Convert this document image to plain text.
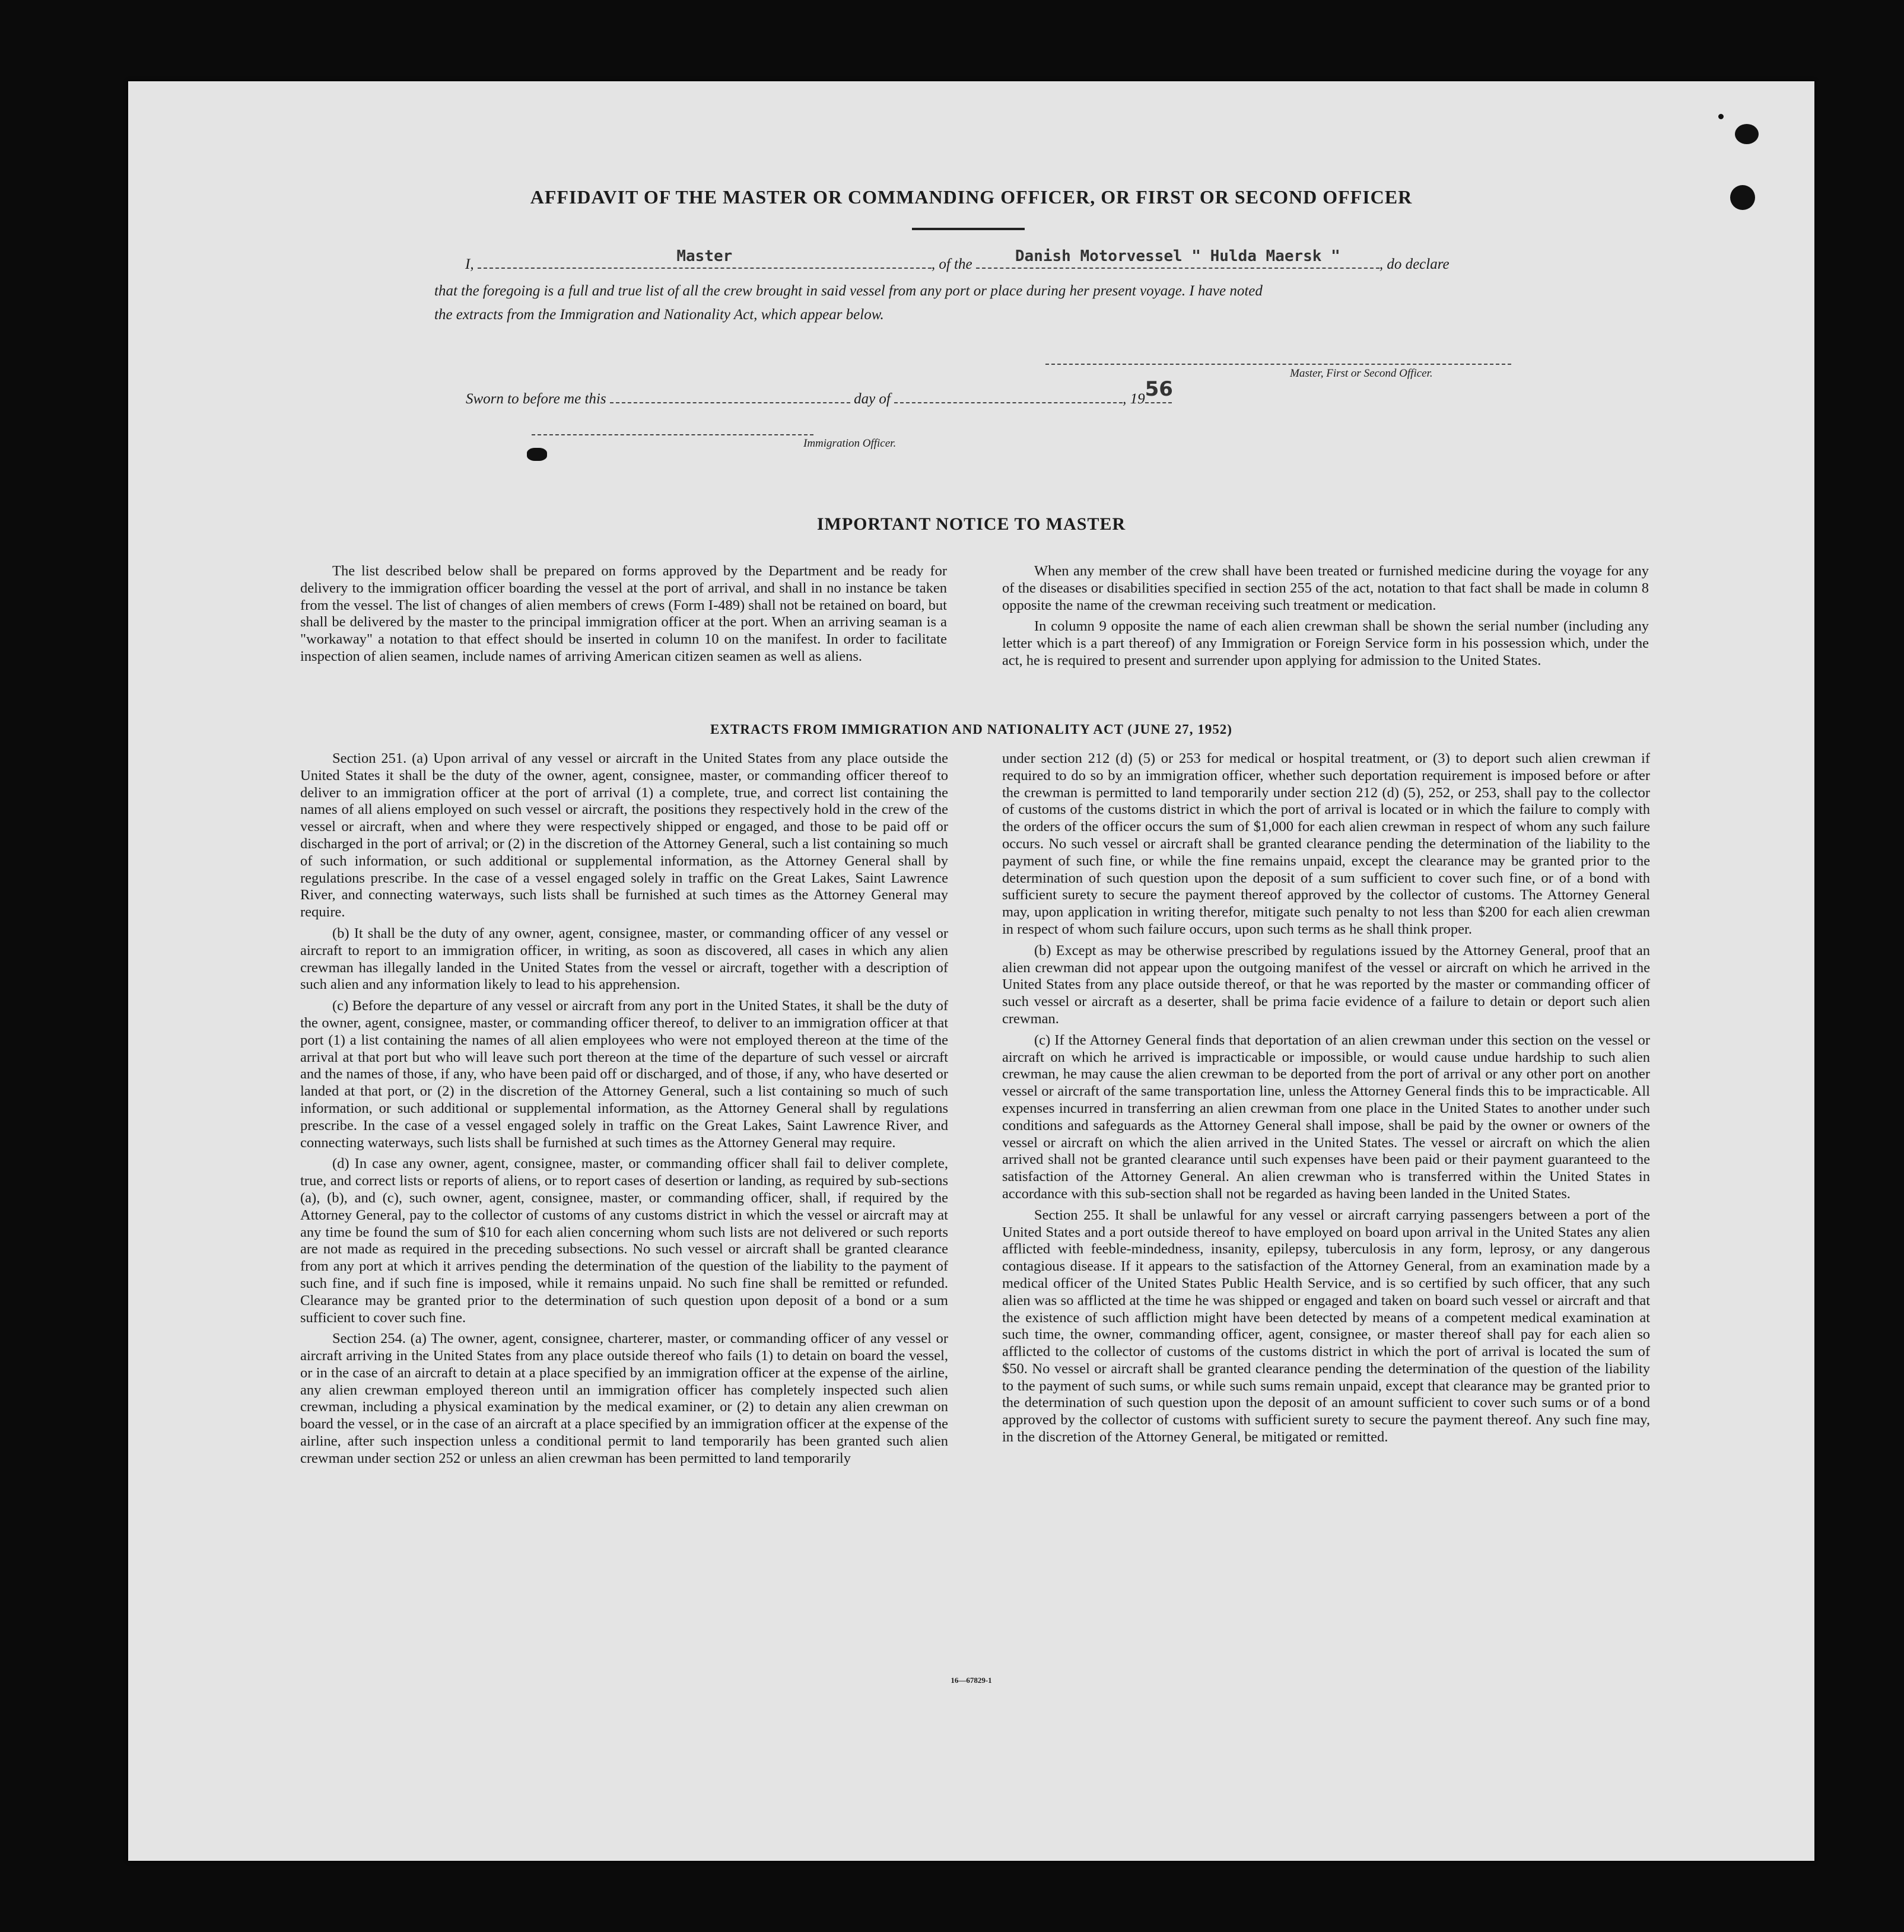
AFFIDAVIT OF THE MASTER OR COMMANDING OFFICER, OR FIRST OR SECOND OFFICER
I,	Master	, of the	Danish Motorvessel " Hulda Maersk "	, do declare
that the foregoing is a full and true list of all the crew brought in said vessel from any port or place during her present voyage. I have noted
the extracts from the Immigration and Nationality Act, which appear below.
Master, First or Second Officer.
Sworn to before me this	day of	, 19 56
Immigration Officer.
IMPORTANT NOTICE TO MASTER

The list described below shall be prepared on forms approved by the Department and be ready for delivery to the immigration officer boarding the vessel at the port of arrival, and shall in no instance be taken from the vessel. The list of changes of alien members of crews (Form I-489) shall not be retained on board, but shall be delivered by the master to the principal immigration officer at the port. When an arriving seaman is a "workaway" a notation to that effect should be inserted in column 10 on the manifest. In order to facilitate inspection of alien seamen, include names of arriving American citizen seamen as well as aliens.

When any member of the crew shall have been treated or furnished medicine during the voyage for any of the diseases or disabilities specified in section 255 of the act, notation to that fact shall be made in column 8 opposite the name of the crewman receiving such treatment or medication.

In column 9 opposite the name of each alien crewman shall be shown the serial number (including any letter which is a part thereof) of any Immigration or Foreign Service form in his possession which, under the act, he is required to present and surrender upon applying for admission to the United States.

EXTRACTS FROM IMMIGRATION AND NATIONALITY ACT (JUNE 27, 1952)

Section 251. (a) Upon arrival of any vessel or aircraft in the United States from any place outside the United States it shall be the duty of the owner, agent, consignee, master, or commanding officer thereof to deliver to an immigration officer at the port of arrival (1) a complete, true, and correct list containing the names of all aliens employed on such vessel or aircraft, the positions they respectively hold in the crew of the vessel or aircraft, when and where they were respectively shipped or engaged, and those to be paid off or discharged in the port of arrival; or (2) in the discretion of the Attorney General, such a list containing so much of such information, or such additional or supplemental information, as the Attorney General shall by regulations prescribe. In the case of a vessel engaged solely in traffic on the Great Lakes, Saint Lawrence River, and connecting waterways, such lists shall be furnished at such times as the Attorney General may require.

(b) It shall be the duty of any owner, agent, consignee, master, or commanding officer of any vessel or aircraft to report to an immigration officer, in writing, as soon as discovered, all cases in which any alien crewman has illegally landed in the United States from the vessel or aircraft, together with a description of such alien and any information likely to lead to his apprehension.

(c) Before the departure of any vessel or aircraft from any port in the United States, it shall be the duty of the owner, agent, consignee, master, or commanding officer thereof, to deliver to an immigration officer at that port (1) a list containing the names of all alien employees who were not employed thereon at the time of the arrival at that port but who will leave such port thereon at the time of the departure of such vessel or aircraft and the names of those, if any, who have been paid off or discharged, and of those, if any, who have deserted or landed at that port, or (2) in the discretion of the Attorney General, such a list containing so much of such information, or such additional or supplemental information, as the Attorney General shall by regulations prescribe. In the case of a vessel engaged solely in traffic on the Great Lakes, Saint Lawrence River, and connecting waterways, such lists shall be furnished at such times as the Attorney General may require.

(d) In case any owner, agent, consignee, master, or commanding officer shall fail to deliver complete, true, and correct lists or reports of aliens, or to report cases of desertion or landing, as required by sub-sections (a), (b), and (c), such owner, agent, consignee, master, or commanding officer, shall, if required by the Attorney General, pay to the collector of customs of any customs district in which the vessel or aircraft may at any time be found the sum of $10 for each alien concerning whom such lists are not delivered or such reports are not made as required in the preceding subsections. No such vessel or aircraft shall be granted clearance from any port at which it arrives pending the determination of the question of the liability to the payment of such fine, and if such fine is imposed, while it remains unpaid. No such fine shall be remitted or refunded. Clearance may be granted prior to the determination of such question upon deposit of a bond or a sum sufficient to cover such fine.

Section 254. (a) The owner, agent, consignee, charterer, master, or commanding officer of any vessel or aircraft arriving in the United States from any place outside thereof who fails (1) to detain on board the vessel, or in the case of an aircraft to detain at a place specified by an immigration officer at the expense of the airline, any alien crewman employed thereon until an immigration officer has completely inspected such alien crewman, including a physical examination by the medical examiner, or (2) to detain any alien crewman on board the vessel, or in the case of an aircraft at a place specified by an immigration officer at the expense of the airline, after such inspection unless a conditional permit to land temporarily has been granted such alien crewman under section 252 or unless an alien crewman has been permitted to land temporarily

under section 212 (d) (5) or 253 for medical or hospital treatment, or (3) to deport such alien crewman if required to do so by an immigration officer, whether such deportation requirement is imposed before or after the crewman is permitted to land temporarily under section 212 (d) (5), 252, or 253, shall pay to the collector of customs of the customs district in which the port of arrival is located or in which the failure to comply with the orders of the officer occurs the sum of $1,000 for each alien crewman in respect of whom any such failure occurs. No such vessel or aircraft shall be granted clearance pending the determination of the liability to the payment of such fine, or while the fine remains unpaid, except the clearance may be granted prior to the determination of such question upon the deposit of a sum sufficient to cover such fine, or of a bond with sufficient surety to secure the payment thereof approved by the collector of customs. The Attorney General may, upon application in writing therefor, mitigate such penalty to not less than $200 for each alien crewman in respect of whom such failure occurs, upon such terms as he shall think proper.

(b) Except as may be otherwise prescribed by regulations issued by the Attorney General, proof that an alien crewman did not appear upon the outgoing manifest of the vessel or aircraft on which he arrived in the United States from any place outside thereof, or that he was reported by the master or commanding officer of such vessel or aircraft as a deserter, shall be prima facie evidence of a failure to detain or deport such alien crewman.

(c) If the Attorney General finds that deportation of an alien crewman under this section on the vessel or aircraft on which he arrived is impracticable or impossible, or would cause undue hardship to such alien crewman, he may cause the alien crewman to be deported from the port of arrival or any other port on another vessel or aircraft of the same transportation line, unless the Attorney General finds this to be impracticable. All expenses incurred in transferring an alien crewman from one place in the United States to another under such conditions and safeguards as the Attorney General shall impose, shall be paid by the owner or owners of the vessel or aircraft on which the alien arrived in the United States. The vessel or aircraft on which the alien arrived shall not be granted clearance until such expenses have been paid or their payment guaranteed to the satisfaction of the Attorney General. An alien crewman who is transferred within the United States in accordance with this sub-section shall not be regarded as having been landed in the United States.

Section 255. It shall be unlawful for any vessel or aircraft carrying passengers between a port of the United States and a port outside thereof to have employed on board upon arrival in the United States any alien afflicted with feeble-mindedness, insanity, epilepsy, tuberculosis in any form, leprosy, or any dangerous contagious disease. If it appears to the satisfaction of the Attorney General, from an examination made by a medical officer of the United States Public Health Service, and is so certified by such officer, that any such alien was so afflicted at the time he was shipped or engaged and taken on board such vessel or aircraft and that the existence of such affliction might have been detected by means of a competent medical examination at such time, the owner, commanding officer, agent, consignee, or master thereof shall pay for each alien so afflicted to the collector of customs of the customs district in which the port of arrival is located the sum of $50. No vessel or aircraft shall be granted clearance pending the determination of the question of the liability to the payment of such sums, or while such sums remain unpaid, except that clearance may be granted prior to the determination of such question upon the deposit of an amount sufficient to cover such sums or of a bond approved by the collector of customs with sufficient surety to secure the payment thereof. Any such fine may, in the discretion of the Attorney General, be mitigated or remitted.

16—67829-1
